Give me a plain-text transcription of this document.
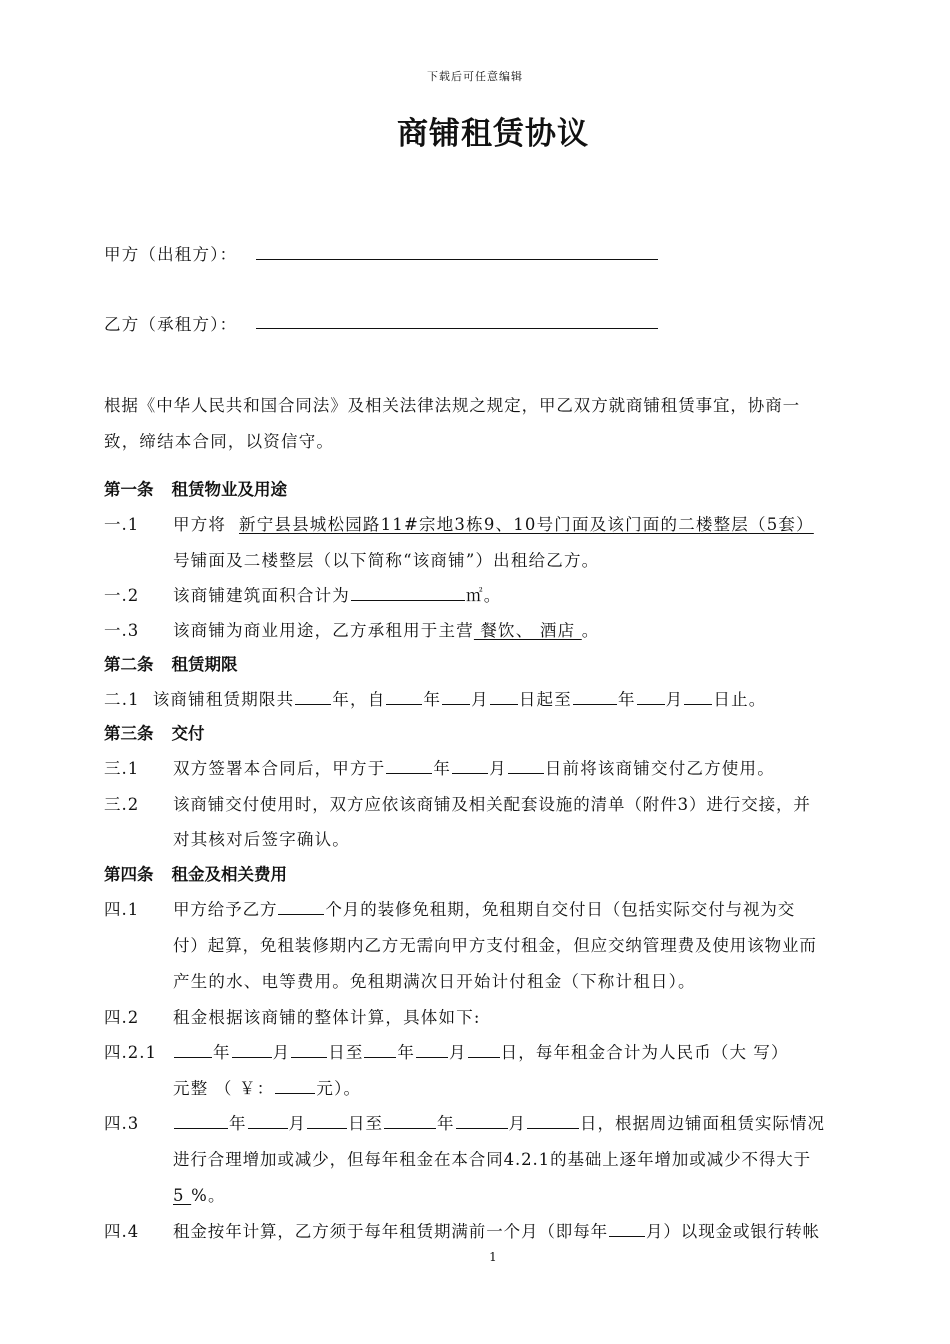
下载后可任意编辑
商铺租赁协议
甲方（出租方）：
乙方（承租方）：
根据《中华人民共和国合同法》及相关法律法规之规定，甲乙双方就商铺租赁事宜，协商一
致，缔结本合同，以资信守。
第一条 租赁物业及用途
一.1 甲方将 新宁县县城松园路11#宗地3栋9、10号门面及该门面的二楼整层（5套）
号铺面及二楼整层（以下简称“该商铺”）出租给乙方。
一.2 该商铺建筑面积合计为	㎡。
一.3 该商铺为商业用途，乙方承租用于主营 餐饮、 酒店 。
第二条 租赁期限
二.1 该商铺租赁期限共 年，自 年 月 日起至	年 月 日止。
第三条 交付
三.1 双方签署本合同后，甲方于	年 月 日前将该商铺交付乙方使用。
三.2 该商铺交付使用时，双方应依该商铺及相关配套设施的清单（附件3）进行交接，并
对其核对后签字确认。
第四条 租金及相关费用
四.1 甲方给予乙方	个月的装修免租期，免租期自交付日（包括实际交付与视为交
付）起算，免租装修期内乙方无需向甲方支付租金，但应交纳管理费及使用该物业而
产生的水、电等费用。免租期满次日开始计付租金（下称计租日）。
四.2 租金根据该商铺的整体计算，具体如下:
四.2.1	年	月 日至 年 月 日，每年租金合计为人民币（大 写）
元整 （ ￥：	元）。
四.3	年	月	日至	年	月	日，根据周边铺面租赁实际情况
进行合理增加或减少，但每年租金在本合同4.2.1的基础上逐年增加或减少不得大于
5 %。
四.4 租金按年计算，乙方须于每年租赁期满前一个月（即每年 月）以现金或银行转帐
1
